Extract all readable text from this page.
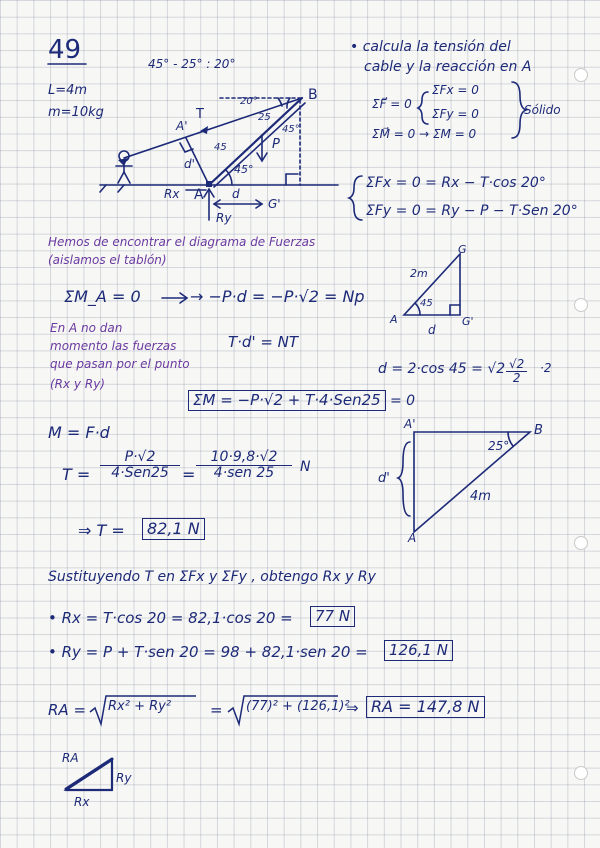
49	45° - 25° : 20°
L=4m
m=10kg
B
A
A'
T
P
d
d'
G'
Rx
Ry
20°
25
45°
45°
45
• calcula la tensión del
cable y la reacción en A
ΣF⃗ = 0
ΣFx = 0
ΣFy = 0
ΣM⃗ = 0 → ΣM = 0
Sólido
ΣFx = 0 = Rx − T·cos 20°
ΣFy = 0 = Ry − P − T·Sen 20°
Hemos de encontrar el diagrama de Fuerzas
(aislamos el tablón)
ΣM_A = 0	→ −P·d = −P·√2 = Np
En A no dan
momento las fuerzas
que pasan por el punto
(Rx y Ry)
T·d' = NT
d = 2·cos $45 = √2 \frac{√2}{2} \cdot 2$
ΣM = −P·√2 + T·4·Sen25 = 0
M = F·d
2m
G
A	G'
45
d
A'	B
A
25°
d'
4m
T =
P·√2
4·Sen25 =
10·9,8·√2
4·sen 25	N
⇒ T =	82,1 N
Sustituyendo T en ΣFx y ΣFy , obtengo Rx y Ry
• Rx = T·cos 20 = 82,1·cos 20 =	77 N
• Ry = P + T·sen 20 = 98 + 82,1·sen 20 =	126,1 N
RA = Rx² + Ry²	= (77)² + (126,1)²
⇒ RA = 147,8 N
RA
Ry
Rx
